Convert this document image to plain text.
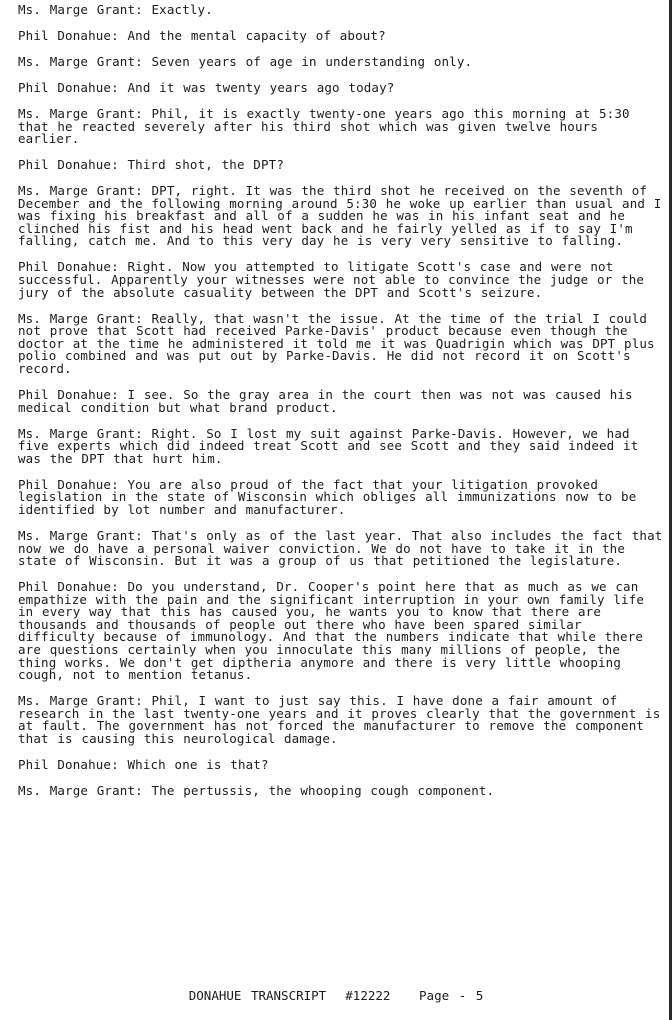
Ms. Marge Grant: Exactly.

Phil Donahue: And the mental capacity of about?

Ms. Marge Grant: Seven years of age in understanding only.

Phil Donahue: And it was twenty years ago today?

Ms. Marge Grant: Phil, it is exactly twenty-one years ago this morning at 5:30 that he reacted severely after his third shot which was given twelve hours earlier.

Phil Donahue: Third shot, the DPT?

Ms. Marge Grant: DPT, right. It was the third shot he received on the seventh of December and the following morning around 5:30 he woke up earlier than usual and I was fixing his breakfast and all of a sudden he was in his infant seat and he clinched his fist and his head went back and he fairly yelled as if to say I'm falling, catch me. And to this very day he is very very sensitive to falling.

Phil Donahue: Right. Now you attempted to litigate Scott's case and were not successful. Apparently your witnesses were not able to convince the judge or the jury of the absolute casuality between the DPT and Scott's seizure.

Ms. Marge Grant: Really, that wasn't the issue. At the time of the trial I could not prove that Scott had received Parke-Davis' product because even though the doctor at the time he administered it told me it was Quadrigin which was DPT plus polio combined and was put out by Parke-Davis. He did not record it on Scott's record.

Phil Donahue: I see. So the gray area in the court then was not was caused his medical condition but what brand product.

Ms. Marge Grant: Right. So I lost my suit against Parke-Davis. However, we had five experts which did indeed treat Scott and see Scott and they said indeed it was the DPT that hurt him.

Phil Donahue: You are also proud of the fact that your litigation provoked legislation in the state of Wisconsin which obliges all immunizations now to be identified by lot number and manufacturer.

Ms. Marge Grant: That's only as of the last year. That also includes the fact that now we do have a personal waiver conviction. We do not have to take it in the state of Wisconsin. But it was a group of us that petitioned the legislature.

Phil Donahue: Do you understand, Dr. Cooper's point here that as much as we can empathize with the pain and the significant interruption in your own family life in every way that this has caused you, he wants you to know that there are thousands and thousands of people out there who have been spared similar difficulty because of immunology. And that the numbers indicate that while there are questions certainly when you innoculate this many millions of people, the thing works. We don't get diptheria anymore and there is very little whooping cough, not to mention tetanus.

Ms. Marge Grant: Phil, I want to just say this. I have done a fair amount of research in the last twenty-one years and it proves clearly that the government is at fault. The government has not forced the manufacturer to remove the component that is causing this neurological damage.

Phil Donahue: Which one is that?

Ms. Marge Grant: The pertussis, the whooping cough component.

DONAHUE TRANSCRIPT #12222 Page - 5
